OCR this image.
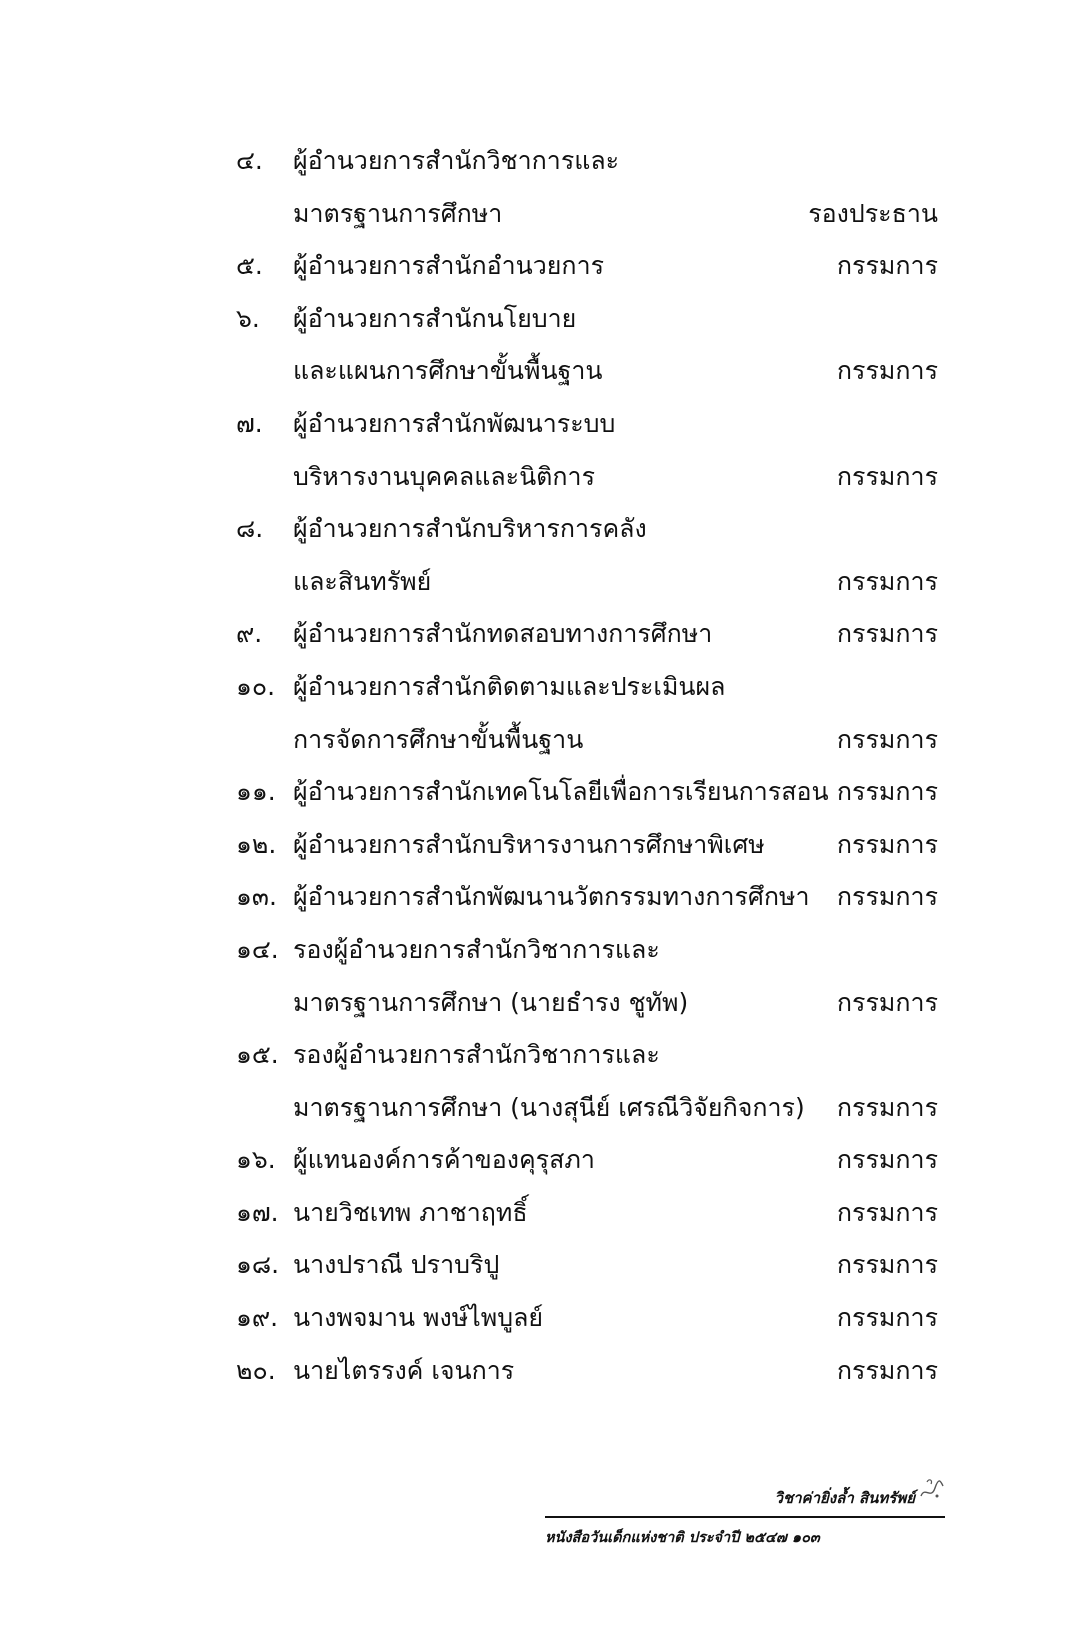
๔. ผู้อำนวยการสำนักวิชาการและ
มาตรฐานการศึกษา	รองประธาน
๕. ผู้อำนวยการสำนักอำนวยการ	กรรมการ
๖. ผู้อำนวยการสำนักนโยบาย
และแผนการศึกษาขั้นพื้นฐาน	กรรมการ
๗. ผู้อำนวยการสำนักพัฒนาระบบ
บริหารงานบุคคลและนิติการ	กรรมการ
๘. ผู้อำนวยการสำนักบริหารการคลัง
และสินทรัพย์	กรรมการ
๙. ผู้อำนวยการสำนักทดสอบทางการศึกษา	กรรมการ
๑๐. ผู้อำนวยการสำนักติดตามและประเมินผล
การจัดการศึกษาขั้นพื้นฐาน	กรรมการ
๑๑. ผู้อำนวยการสำนักเทคโนโลยีเพื่อการเรียนการสอน กรรมการ
๑๒. ผู้อำนวยการสำนักบริหารงานการศึกษาพิเศษ	กรรมการ
๑๓. ผู้อำนวยการสำนักพัฒนานวัตกรรมทางการศึกษา กรรมการ
๑๔. รองผู้อำนวยการสำนักวิชาการและ
มาตรฐานการศึกษา (นายธำรง ชูทัพ)	กรรมการ
๑๕. รองผู้อำนวยการสำนักวิชาการและ
มาตรฐานการศึกษา (นางสุนีย์ เศรณีวิจัยกิจการ) กรรมการ
๑๖. ผู้แทนองค์การค้าของคุรุสภา	กรรมการ
๑๗. นายวิชเทพ ภาชาฤทธิ์	กรรมการ
๑๘. นางปราณี ปราบริปู	กรรมการ
๑๙. นางพจมาน พงษ์ไพบูลย์	กรรมการ
๒๐. นายไตรรงค์ เจนการ	กรรมการ
วิชาค่ายิ่งล้ำ สินทรัพย์
หนังสือวันเด็กแห่งชาติ ประจำปี ๒๕๔๗ ๑๐๓
